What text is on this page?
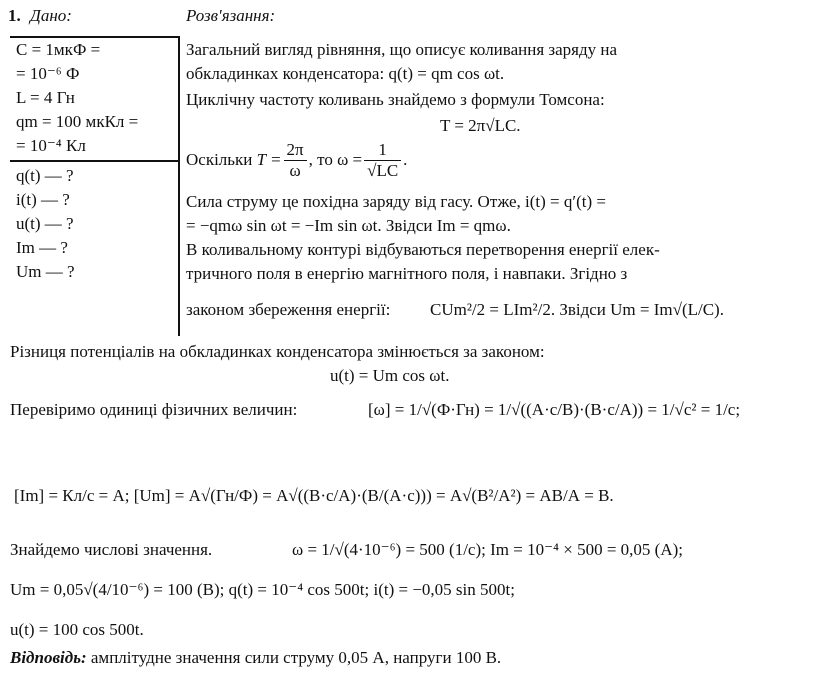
1. Дано:	Розв'язання:
C = 1мкФ =
= 10⁻⁶ Ф
L = 4 Гн
qm = 100 мкКл =
= 10⁻⁴ Кл
q(t) — ?
i(t) — ?
u(t) — ?
Im — ?
Um — ?
Загальний вигляд рівняння, що описує коливання заряду на
обкладинках конденсатора: q(t) = qm cos ωt.
Циклічну частоту коливань знайдемо з формули Томсона:
T = 2π√LC.
Оскільки
$T = \frac{2\pi}{\omega}$ , то $\omega = \frac{1}{√LC}$ .
Сила струму це похідна заряду від гасу. Отже, i(t) = q′(t) =
= −qmω sin ωt = −Im sin ωt. Звідси Im = qmω.
В коливальному контурі відбуваються перетворення енергії елек-
тричного поля в енергію магнітного поля, і навпаки. Згідно з
законом збереження енергії: CUm²/2 = LIm²/2. Звідси Um = Im√(L/C).
Різниця потенціалів на обкладинках конденсатора змінюється за законом:
u(t) = Um cos ωt.
Перевіримо одиниці фізичних величин:	[ω] = 1/√(Ф·Гн) = 1/√((А·с/В)·(В·с/А)) = 1/√c² = 1/c;
[Im] = Кл/с = А; [Um] = А√(Гн/Ф) = А√((В·с/А)·(В/(А·с))) = А√(В²/А²) = АВ/А = В.
Знайдемо числові значення.	ω = 1/√(4·10⁻⁶) = 500 (1/c); Im = 10⁻⁴ × 500 = 0,05 (А);
Um = 0,05√(4/10⁻⁶) = 100 (В); q(t) = 10⁻⁴ cos 500t; i(t) = −0,05 sin 500t;
u(t) = 100 cos 500t.
Відповідь: амплітудне значення сили струму 0,05 А, напруги 100 В.
